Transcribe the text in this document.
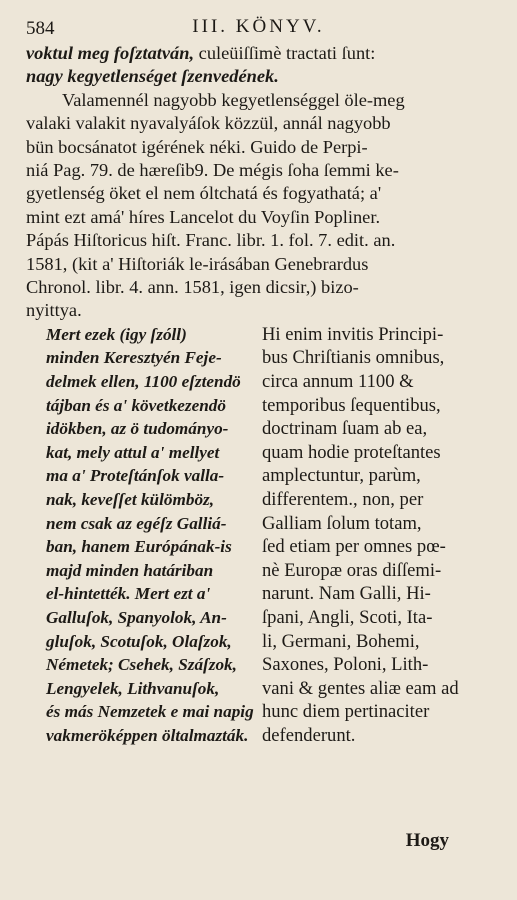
584	III. KÖNYV.
voktul meg foſztatván, culeüiſſimè tractati ſunt:
nagy kegyetlenséget ſzenvedének.
Valamennél nagyobb kegyetlenséggel öle-meg
valaki valakit nyavalyáſok közzül, annál nagyobb
bün bocsánatot igérének néki. Guido de Perpi-
niá Pag. 79. de hæreſib9. De mégis ſoha ſemmi ke-
gyetlenség öket el nem óltchatá és fogyathatá; a'
mint ezt amá' híres Lancelot du Voyſin Popliner.
Pápás Hiſtoricus hiſt. Franc. libr. 1. fol. 7. edit. an.
1581, (kit a' Hiſtoriák le-irásában Genebrardus
Chronol. libr. 4. ann. 1581, igen dicsir,) bizo-
nyittya.
Mert ezek (igy ſzóll)
minden Keresztyén Feje-
delmek ellen, 1100 eſztendö
tájban és a' következendö
idökben, az ö tudományo-
kat, mely attul a' mellyet
ma a' Proteſtánſok valla-
nak, keveſſet külömböz,
nem csak az egéſz Galliá-
ban, hanem Európának-is
majd minden határiban
el-hintették. Mert ezt a'
Galluſok, Spanyolok, An-
gluſok, Scotuſok, Olaſzok,
Németek; Csehek, Száſzok,
Lengyelek, Lithvanuſok,
és más Nemzetek e mai napig
vakmeröképpen öltalmazták.
Hi enim invitis Principi-
bus Chriſtianis omnibus,
circa annum 1100 &
temporibus ſequentibus,
doctrinam ſuam ab ea,
quam hodie proteſtantes
amplectuntur, parùm,
differentem., non, per
Galliam ſolum totam,
ſed etiam per omnes pœ-
nè Europæ oras diſſemi-
narunt. Nam Galli, Hi-
ſpani, Angli, Scoti, Ita-
li, Germani, Bohemi,
Saxones, Poloni, Lith-
vani & gentes aliæ eam ad
hunc diem pertinaciter
defenderunt.
Hogy
